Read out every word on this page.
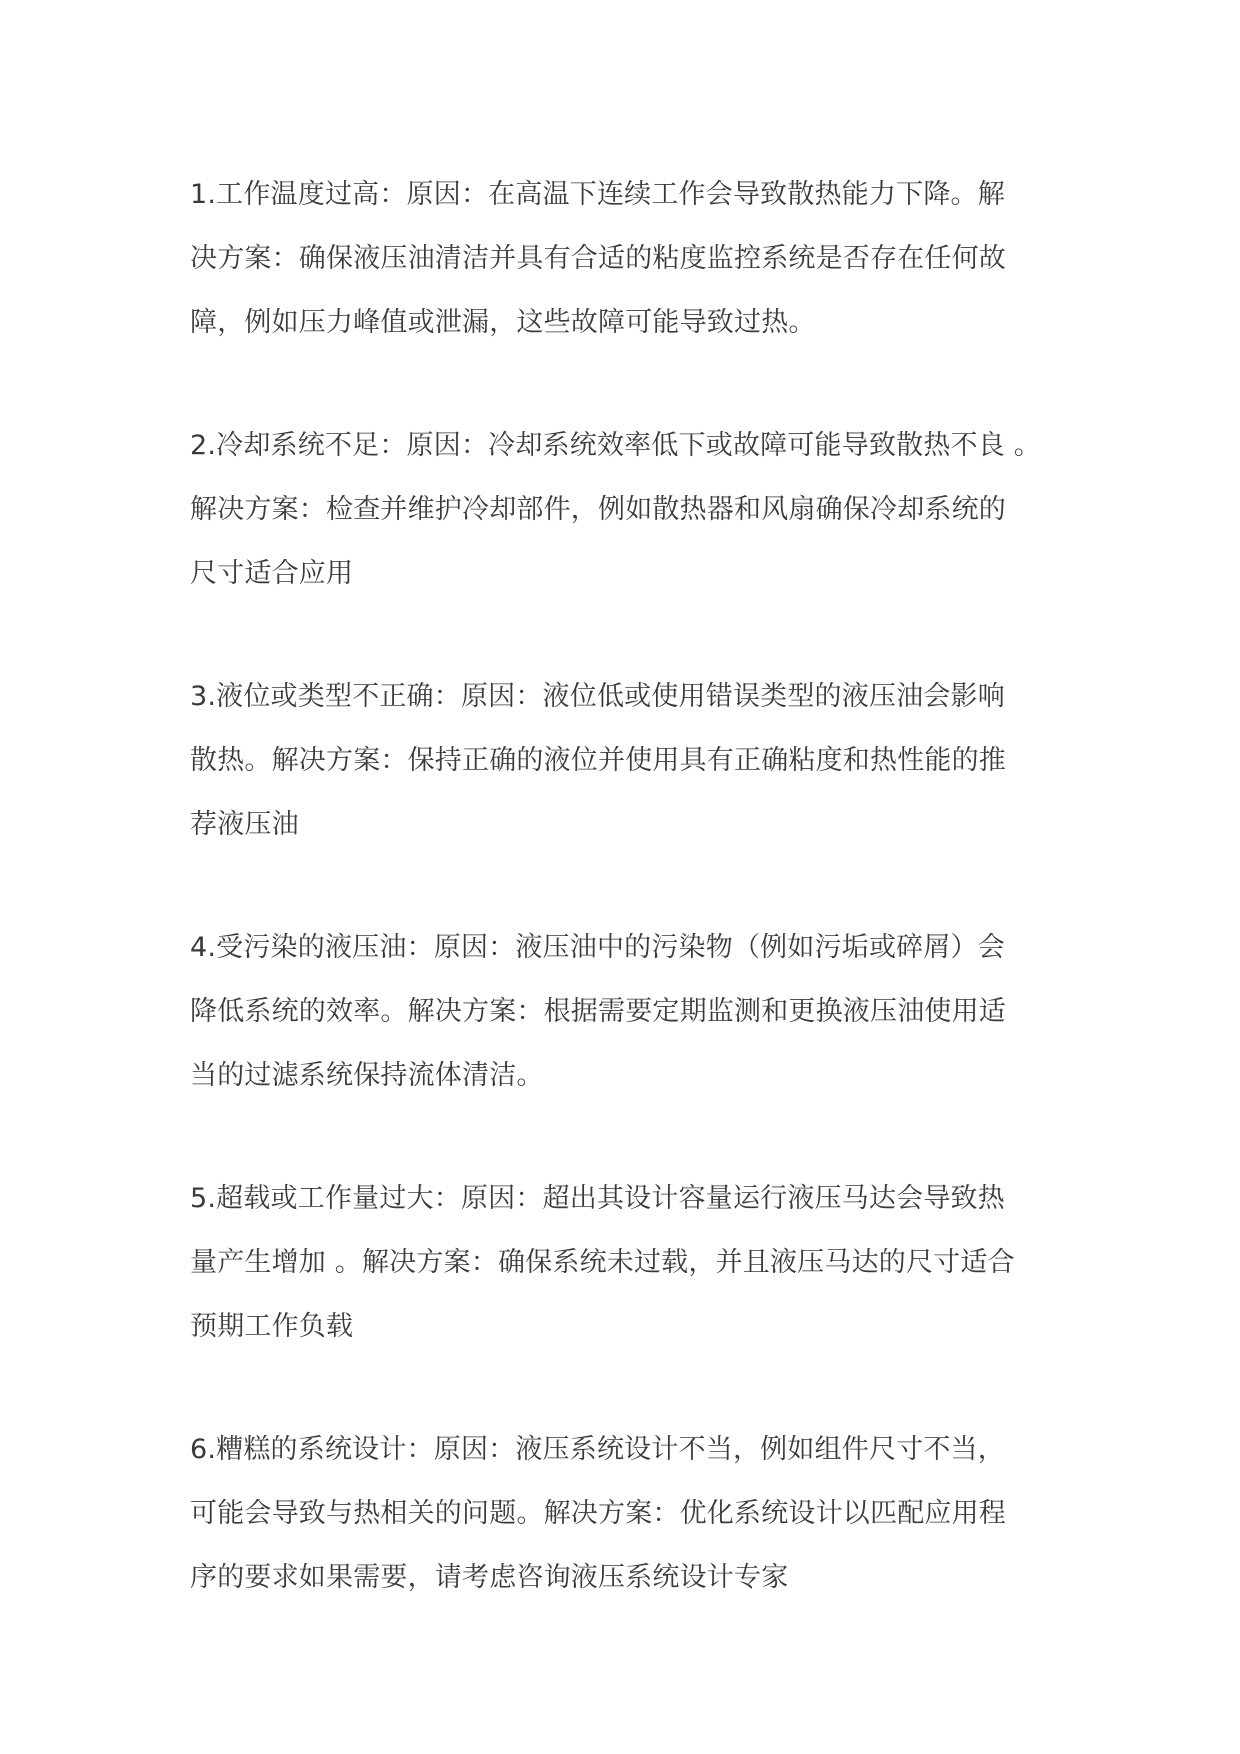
1.工作温度过高：原因：在高温下连续工作会导致散热能力下降。解
决方案：确保液压油清洁并具有合适的粘度监控系统是否存在任何故
障，例如压力峰值或泄漏，这些故障可能导致过热。
2.冷却系统不足：原因：冷却系统效率低下或故障可能导致散热不良 。
解决方案：检查并维护冷却部件，例如散热器和风扇确保冷却系统的
尺寸适合应用
3.液位或类型不正确：原因：液位低或使用错误类型的液压油会影响
散热。解决方案：保持正确的液位并使用具有正确粘度和热性能的推
荐液压油
4.受污染的液压油：原因：液压油中的污染物（例如污垢或碎屑）会
降低系统的效率。解决方案：根据需要定期监测和更换液压油使用适
当的过滤系统保持流体清洁。
5.超载或工作量过大：原因：超出其设计容量运行液压马达会导致热
量产生增加 。解决方案：确保系统未过载，并且液压马达的尺寸适合
预期工作负载
6.糟糕的系统设计：原因：液压系统设计不当，例如组件尺寸不当，
可能会导致与热相关的问题。解决方案：优化系统设计以匹配应用程
序的要求如果需要，请考虑咨询液压系统设计专家
